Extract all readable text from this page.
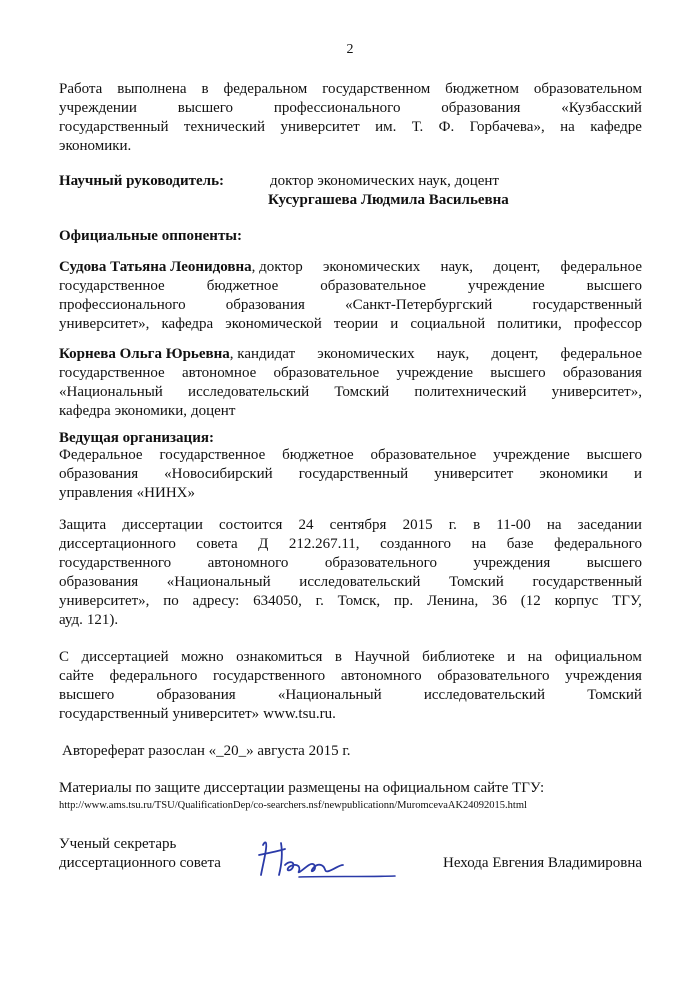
2
Работа выполнена в федеральном государственном бюджетном образовательном
учреждении	высшего	профессионального	образования	«Кузбасский
государственный технический университет им. Т. Ф. Горбачева», на кафедре
экономики.
Научный руководитель:	доктор экономических наук, доцент
Кусургашева Людмила Васильевна
Официальные оппоненты:
Судова Татьяна Леонидовна, доктор экономических наук, доцент, федеральное
государственное	бюджетное	образовательное	учреждение	высшего
профессионального	образования	«Санкт-Петербургский	государственный
университет», кафедра экономической теории и социальной политики, профессор
Корнева Ольга Юрьевна, кандидат экономических наук, доцент, федеральное
государственное автономное образовательное учреждение высшего образования
«Национальный исследовательский Томский политехнический университет»,
кафедра экономики, доцент
Ведущая организация:
Федеральное государственное бюджетное образовательное учреждение высшего
образования «Новосибирский государственный университет экономики и
управления «НИНХ»
Защита диссертации состоится 24 сентября 2015 г. в 11-00 на заседании
диссертационного совета Д 212.267.11, созданного на базе федерального
государственного автономного образовательного учреждения высшего
образования «Национальный исследовательский Томский государственный
университет», по адресу: 634050, г. Томск, пр. Ленина, 36 (12 корпус ТГУ,
ауд. 121).
С диссертацией можно ознакомиться в Научной библиотеке и на официальном
сайте федерального государственного автономного образовательного учреждения
высшего	образования	«Национальный	исследовательский	Томский
государственный университет» www.tsu.ru.
Автореферат разослан «_20_» августа 2015 г.
Материалы по защите диссертации размещены на официальном сайте ТГУ:
http://www.ams.tsu.ru/TSU/QualificationDep/co-searchers.nsf/newpublicationn/MuromcevaAK24092015.html
Ученый секретарь
диссертационного совета	Нехода Евгения Владимировна
